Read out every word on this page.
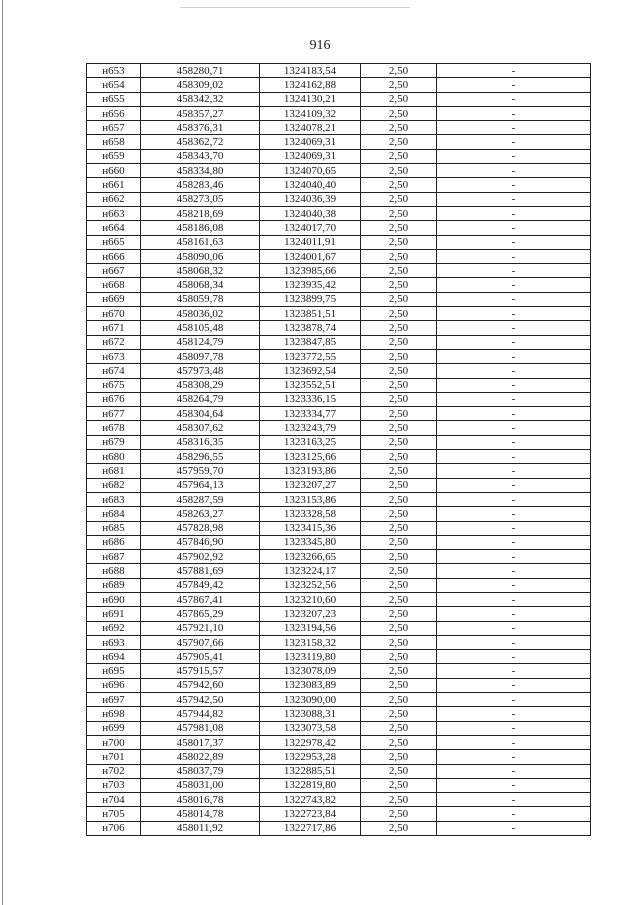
916
н653	458280,71	1324183,54	2,50	-
н654	458309,02	1324162,88	2,50	-
н655	458342,32	1324130,21	2,50	-
н656	458357,27	1324109,32	2,50	-
н657	458376,31	1324078,21	2,50	-
н658	458362,72	1324069,31	2,50	-
н659	458343,70	1324069,31	2,50	-
н660	458334,80	1324070,65	2,50	-
н661	458283,46	1324040,40	2,50	-
н662	458273,05	1324036,39	2,50	-
н663	458218,69	1324040,38	2,50	-
н664	458186,08	1324017,70	2,50	-
н665	458161,63	1324011,91	2,50	-
н666	458090,06	1324001,67	2,50	-
н667	458068,32	1323985,66	2,50	-
н668	458068,34	1323935,42	2,50	-
н669	458059,78	1323899,75	2,50	-
н670	458036,02	1323851,51	2,50	-
н671	458105,48	1323878,74	2,50	-
н672	458124,79	1323847,85	2,50	-
н673	458097,78	1323772,55	2,50	-
н674	457973,48	1323692,54	2,50	-
н675	458308,29	1323552,51	2,50	-
н676	458264,79	1323336,15	2,50	-
н677	458304,64	1323334,77	2,50	-
н678	458307,62	1323243,79	2,50	-
н679	458316,35	1323163,25	2,50	-
н680	458296,55	1323125,66	2,50	-
н681	457959,70	1323193,86	2,50	-
н682	457964,13	1323207,27	2,50	-
н683	458287,59	1323153,86	2,50	-
н684	458263,27	1323328,58	2,50	-
н685	457828,98	1323415,36	2,50	-
н686	457846,90	1323345,80	2,50	-
н687	457902,92	1323266,65	2,50	-
н688	457881,69	1323224,17	2,50	-
н689	457849,42	1323252,56	2,50	-
н690	457867,41	1323210,60	2,50	-
н691	457865,29	1323207,23	2,50	-
н692	457921,10	1323194,56	2,50	-
н693	457907,66	1323158,32	2,50	-
н694	457905,41	1323119,80	2,50	-
н695	457915,57	1323078,09	2,50	-
н696	457942,60	1323083,89	2,50	-
н697	457942,50	1323090,00	2,50	-
н698	457944,82	1323088,31	2,50	-
н699	457981,08	1323073,58	2,50	-
н700	458017,37	1322978,42	2,50	-
н701	458022,89	1322953,28	2,50	-
н702	458037,79	1322885,51	2,50	-
н703	458031,00	1322819,80	2,50	-
н704	458016,78	1322743,82	2,50	-
н705	458014,78	1322723,84	2,50	-
н706	458011,92	1322717,86	2,50	-
